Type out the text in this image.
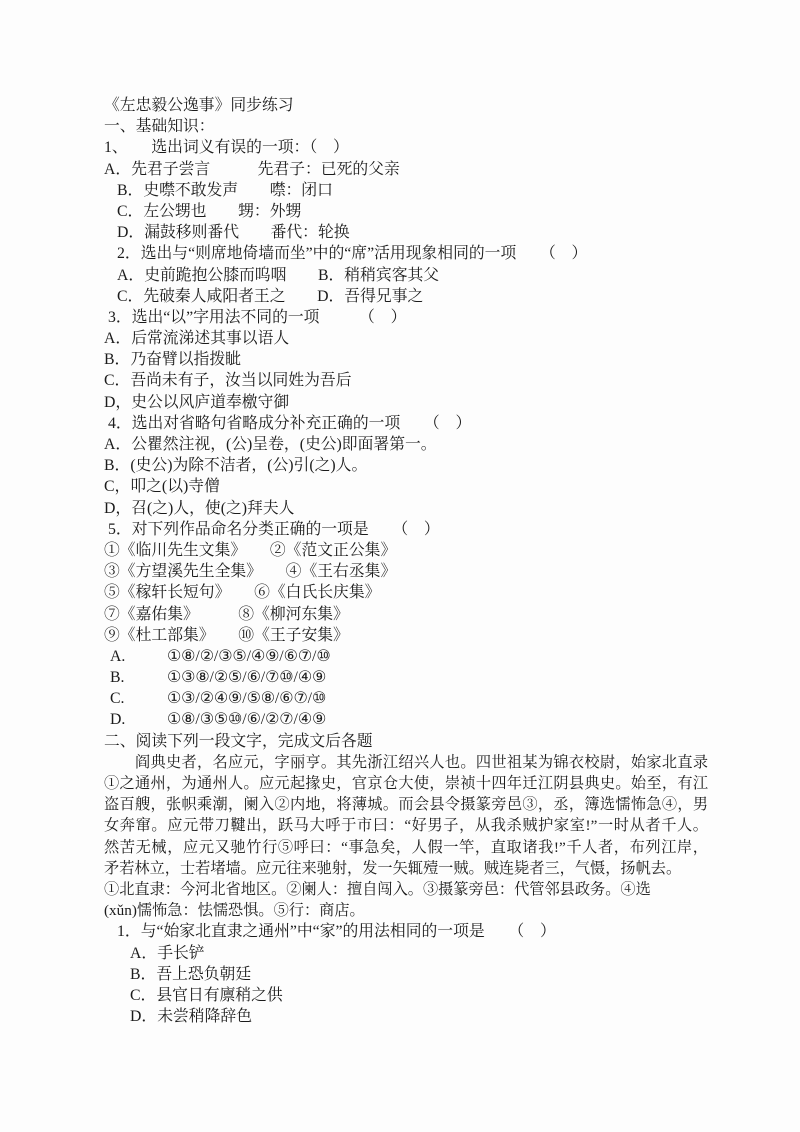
《左忠毅公逸事》同步练习
一、基础知识：
1、　　选出词义有误的一项：（　）
A．先君子尝言　　　先君子：已死的父亲
B．史噤不敢发声　　噤：闭口
C．左公甥也　　甥：外甥
D．漏鼓移则番代　　番代：轮换
2．选出与“则席地倚墙而坐”中的“席”活用现象相同的一项　　（　）
A．史前跪抱公膝而呜咽　　B．稍稍宾客其父
C．先破秦人咸阳者王之　　D．吾得兄事之
3．选出“以”字用法不同的一项　　　（　）
A．后常流涕述其事以语人
B．乃奋臂以指拨眦
C．吾尚未有子，汝当以同姓为吾后
D，史公以风庐道奉檄守御
4．选出对省略句省略成分补充正确的一项　　（　）
A．公瞿然注视，(公)呈卷，(史公)即面署第一。
B．(史公)为除不洁者，(公)引(之)人。
C，叩之(以)寺僧
D，召(之)人，使(之)拜夫人
5．对下列作品命名分类正确的一项是　　（　）
①《临川先生文集》　　②《范文正公集》
③《方望溪先生全集》　　④《王右丞集》
⑤《稼轩长短句》　　⑥《白氏长庆集》
⑦《嘉佑集》　　　⑧《柳河东集》
⑨《杜工部集》　　⑩《王子安集》
A.	①⑧/②/③⑤/④⑨/⑥⑦/⑩
B.	①③⑧/②⑤/⑥/⑦⑩/④⑨
C.	①③/②④⑨/⑤⑧/⑥⑦/⑩
D.	①⑧/③⑤⑩/⑥/②⑦/④⑨
二、阅读下列一段文字，完成文后各题
阎典史者，名应元，字丽亨。其先浙江绍兴人也。四世祖某为锦衣校尉，始家北直录
①之通州，为通州人。应元起掾史，官京仓大使，崇祯十四年迁江阴县典史。始至，有江
盗百艘，张帜乘潮，阑入②内地，将薄城。而会县令摄篆旁邑③，丞，簿选懦怖急④，男
女奔窜。应元带刀鞬出，跃马大呼于市曰：“好男子，从我杀贼护家室!”一时从者千人。
然苦无械，应元又驰竹行⑤呼曰：“事急矣，人假一竿，直取诸我!”千人者，布列江岸，
矛若林立，士若堵墙。应元往来驰射，发一矢辄殪一贼。贼连毙者三，气慑，扬帆去。
①北直隶：今河北省地区。②阑人：擅自闯入。③摄篆旁邑：代管邻县政务。④选
(xǔn)懦怖急：怯懦恐惧。⑤行：商店。
1．与“始家北直隶之通州”中“家”的用法相同的一项是　　（　）
A．手长铲
B．吾上恐负朝廷
C．县官日有廪稍之供
D．未尝稍降辞色
